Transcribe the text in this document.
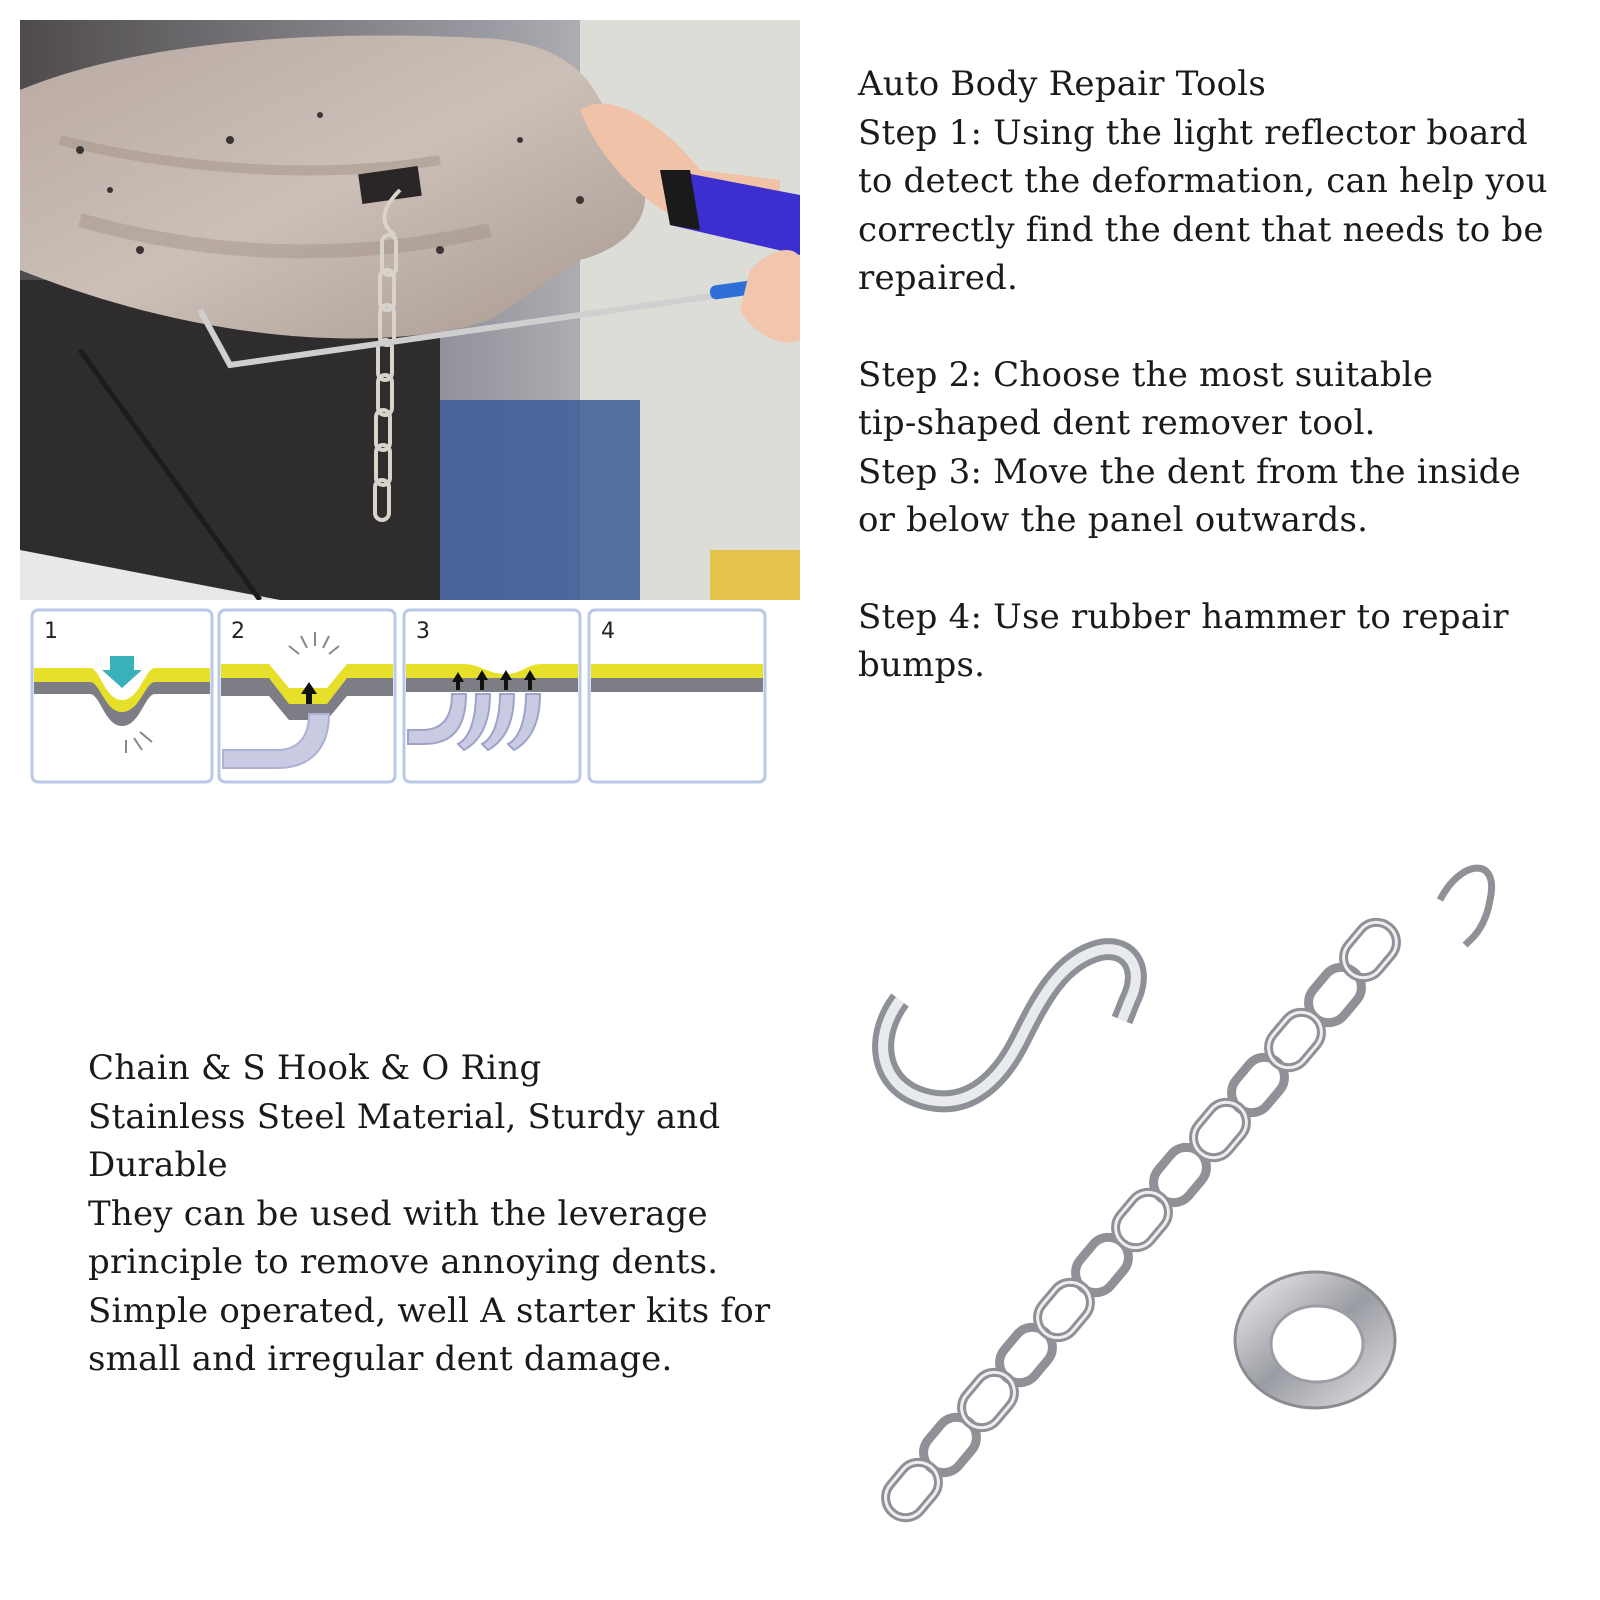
1	2	3	4
Auto Body Repair Tools
Step 1: Using the light reflector board
to detect the deformation, can help you
correctly find the dent that needs to be
repaired.
Step 2: Choose the most suitable
tip-shaped dent remover tool.
Step 3: Move the dent from the inside
or below the panel outwards.
Step 4: Use rubber hammer to repair
bumps.
Chain & S Hook & O Ring
Stainless Steel Material, Sturdy and
Durable
They can be used with the leverage
principle to remove annoying dents.
Simple operated, well A starter kits for
small and irregular dent damage.
